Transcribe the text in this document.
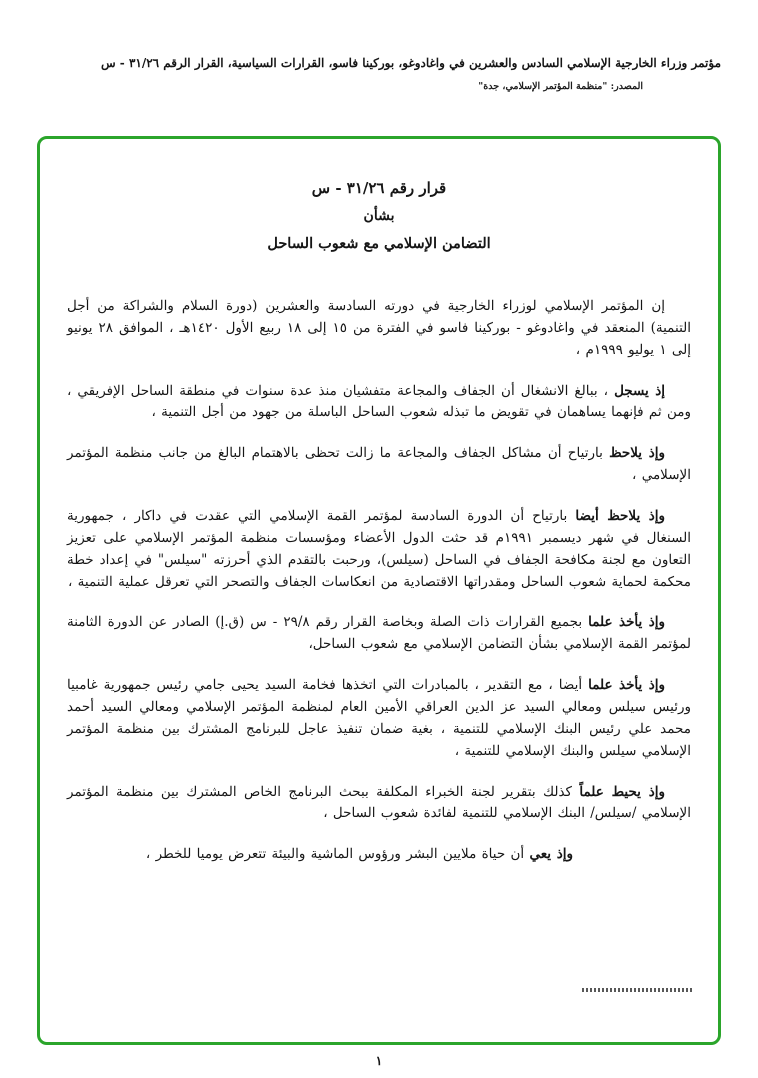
مؤتمر وزراء الخارجية الإسلامي السادس والعشرين في واغادوغو، بوركينا فاسو، القرارات السياسية، القرار الرقم ٣١/٢٦ - س
المصدر: "منظمة المؤتمر الإسلامي، جدة"
قرار رقم ٣١/٢٦ - س
بشأن
التضامن الإسلامي مع شعوب الساحل

إن المؤتمر الإسلامي لوزراء الخارجية في دورته السادسة والعشرين (دورة السلام والشراكة من أجل التنمية) المنعقد في واغادوغو - بوركينا فاسو في الفترة من ١٥ إلى ١٨ ربيع الأول ١٤٢٠هـ ، الموافق ٢٨ يونيو إلى ١ يوليو ١٩٩٩م ،

إذ يسجل ، ببالغ الانشغال أن الجفاف والمجاعة متفشيان منذ عدة سنوات في منطقة الساحل الإفريقي ، ومن ثم فإنهما يساهمان في تقويض ما تبذله شعوب الساحل الباسلة من جهود من أجل التنمية ،

وإذ يلاحظ بارتياح أن مشاكل الجفاف والمجاعة ما زالت تحظى بالاهتمام البالغ من جانب منظمة المؤتمر الإسلامي ،

وإذ يلاحظ أيضا بارتياح أن الدورة السادسة لمؤتمر القمة الإسلامي التي عقدت في داكار ، جمهورية السنغال في شهر ديسمبر ١٩٩١م قد حثت الدول الأعضاء ومؤسسات منظمة المؤتمر الإسلامي على تعزيز التعاون مع لجنة مكافحة الجفاف في الساحل (سيلس)، ورحبت بالتقدم الذي أحرزته "سيلس" في إعداد خطة محكمة لحماية شعوب الساحل ومقدراتها الاقتصادية من انعكاسات الجفاف والتصحر التي تعرقل عملية التنمية ،

وإذ يأخذ علما بجميع القرارات ذات الصلة وبخاصة القرار رقم ٢٩/٨ - س (ق.إ) الصادر عن الدورة الثامنة لمؤتمر القمة الإسلامي بشأن التضامن الإسلامي مع شعوب الساحل،

وإذ يأخذ علما أيضا ، مع التقدير ، بالمبادرات التي اتخذها فخامة السيد يحيى جامي رئيس جمهورية غامبيا ورئيس سيلس ومعالي السيد عز الدين العراقي الأمين العام لمنظمة المؤتمر الإسلامي ومعالي السيد أحمد محمد علي رئيس البنك الإسلامي للتنمية ، بغية ضمان تنفيذ عاجل للبرنامج المشترك بين منظمة المؤتمر الإسلامي سيلس والبنك الإسلامي للتنمية ،

وإذ يحيط علماً كذلك بتقرير لجنة الخبراء المكلفة ببحث البرنامج الخاص المشترك بين منظمة المؤتمر الإسلامي /سيلس/ البنك الإسلامي للتنمية لفائدة شعوب الساحل ،

وإذ يعي أن حياة ملايين البشر ورؤوس الماشية والبيئة تتعرض يوميا للخطر ،

١
